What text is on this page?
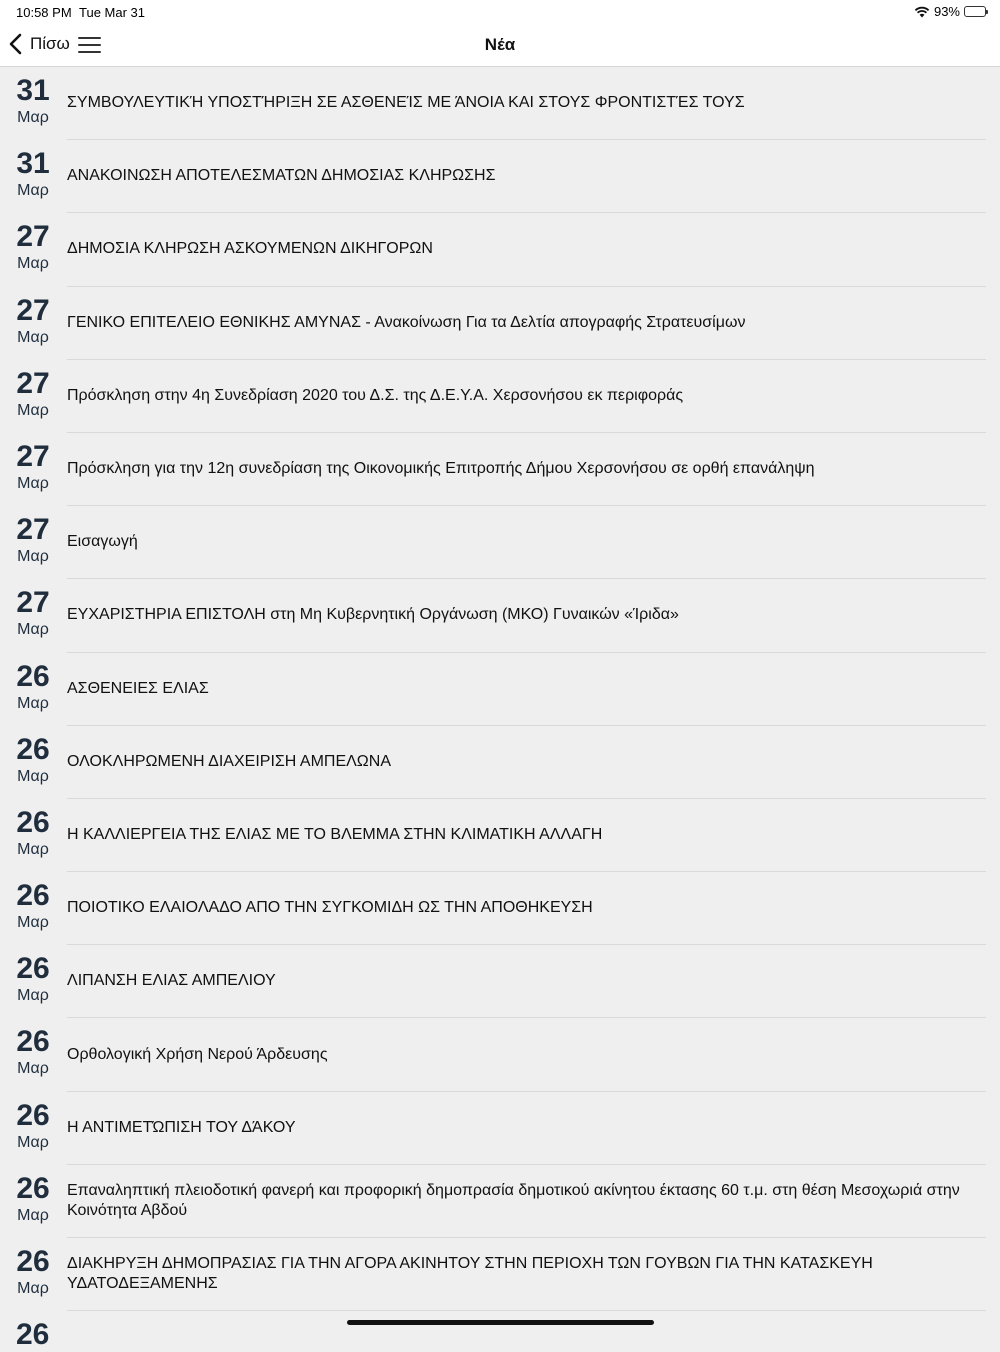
10:58 PM Tue Mar 31	93%
Πίσω	Νέα
31
Μαρ
ΣΥΜΒΟΥΛΕΥΤΙΚΉ ΥΠΟΣΤΉΡΙΞΗ ΣΕ ΑΣΘΕΝΕΊΣ ΜΕ ΆΝΟΙΑ ΚΑΙ ΣΤΟΥΣ ΦΡΟΝΤΙΣΤΈΣ ΤΟΥΣ
31
Μαρ
ΑΝΑΚΟΙΝΩΣΗ ΑΠΟΤΕΛΕΣΜΑΤΩΝ ΔΗΜΟΣΙΑΣ ΚΛΗΡΩΣΗΣ
27
Μαρ
ΔΗΜΟΣΙΑ ΚΛΗΡΩΣΗ ΑΣΚΟΥΜΕΝΩΝ ΔΙΚΗΓΟΡΩΝ
27
Μαρ
ΓΕΝΙΚΟ ΕΠΙΤΕΛΕΙΟ ΕΘΝΙΚΗΣ ΑΜΥΝΑΣ - Ανακοίνωση Για τα Δελτία απογραφής Στρατευσίμων
27
Μαρ
Πρόσκληση στην 4η Συνεδρίαση 2020 του Δ.Σ. της Δ.Ε.Υ.Α. Χερσονήσου εκ περιφοράς
27
Μαρ
Πρόσκληση για την 12η συνεδρίαση της Οικονομικής Επιτροπής Δήμου Χερσονήσου σε ορθή επανάληψη
27
Μαρ
Εισαγωγή
27
Μαρ
ΕΥΧΑΡΙΣΤΗΡΙΑ ΕΠΙΣΤΟΛΗ στη Μη Κυβερνητική Οργάνωση (ΜΚΟ) Γυναικών «Ίριδα»
26
Μαρ
ΑΣΘΕΝΕΙΕΣ ΕΛΙΑΣ
26
Μαρ
ΟΛΟΚΛΗΡΩΜΕΝΗ ΔΙΑΧΕΙΡΙΣΗ ΑΜΠΕΛΩΝΑ
26
Μαρ
Η ΚΑΛΛΙΕΡΓΕΙΑ ΤΗΣ ΕΛΙΑΣ ΜΕ ΤΟ ΒΛΕΜΜΑ ΣΤΗΝ ΚΛΙΜΑΤΙΚΗ ΑΛΛΑΓΗ
26
Μαρ
ΠΟΙΟΤΙΚΟ ΕΛΑΙΟΛΑΔΟ ΑΠΟ ΤΗΝ ΣΥΓΚΟΜΙΔΗ ΩΣ ΤΗΝ ΑΠΟΘΗΚΕΥΣΗ
26
Μαρ
ΛΙΠΑΝΣΗ ΕΛΙΑΣ ΑΜΠΕΛΙΟΥ
26
Μαρ
Ορθολογική Χρήση Νερού Άρδευσης
26
Μαρ
Η ΑΝΤΙΜΕΤΏΠΙΣΗ ΤΟΥ ΔΆΚΟΥ
26
Μαρ
Επαναληπτική πλειοδοτική φανερή και προφορική δημοπρασία δημοτικού ακίνητου έκτασης 60 τ.μ. στη θέση Μεσοχωριά στην Κοινότητα Αβδού
26
Μαρ
ΔΙΑΚΗΡΥΞΗ ΔΗΜΟΠΡΑΣΙΑΣ ΓΙΑ ΤΗΝ ΑΓΟΡΑ ΑΚΙΝΗΤΟΥ ΣΤΗΝ ΠΕΡΙΟΧΗ ΤΩΝ ΓΟΥΒΩΝ ΓΙΑ ΤΗΝ ΚΑΤΑΣΚΕΥΗ ΥΔΑΤΟΔΕΞΑΜΕΝΗΣ
26
